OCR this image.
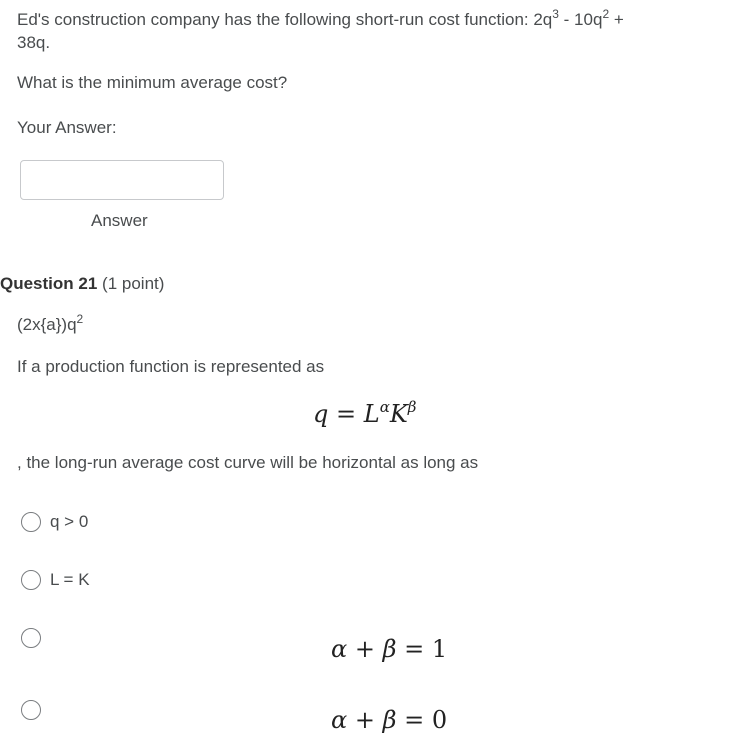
Ed's construction company has the following short-run cost function: $2q^3 - 10q^2$ +
38q.
What is the minimum average cost?
Your Answer:
Answer
Question 21 (1 point)
$(2x\{a\})q^2$
If a production function is represented as
$q = L^\alpha K^\beta$
, the long-run average cost curve will be horizontal as long as
q > 0
L = K
α + β = 1
α + β = 0
